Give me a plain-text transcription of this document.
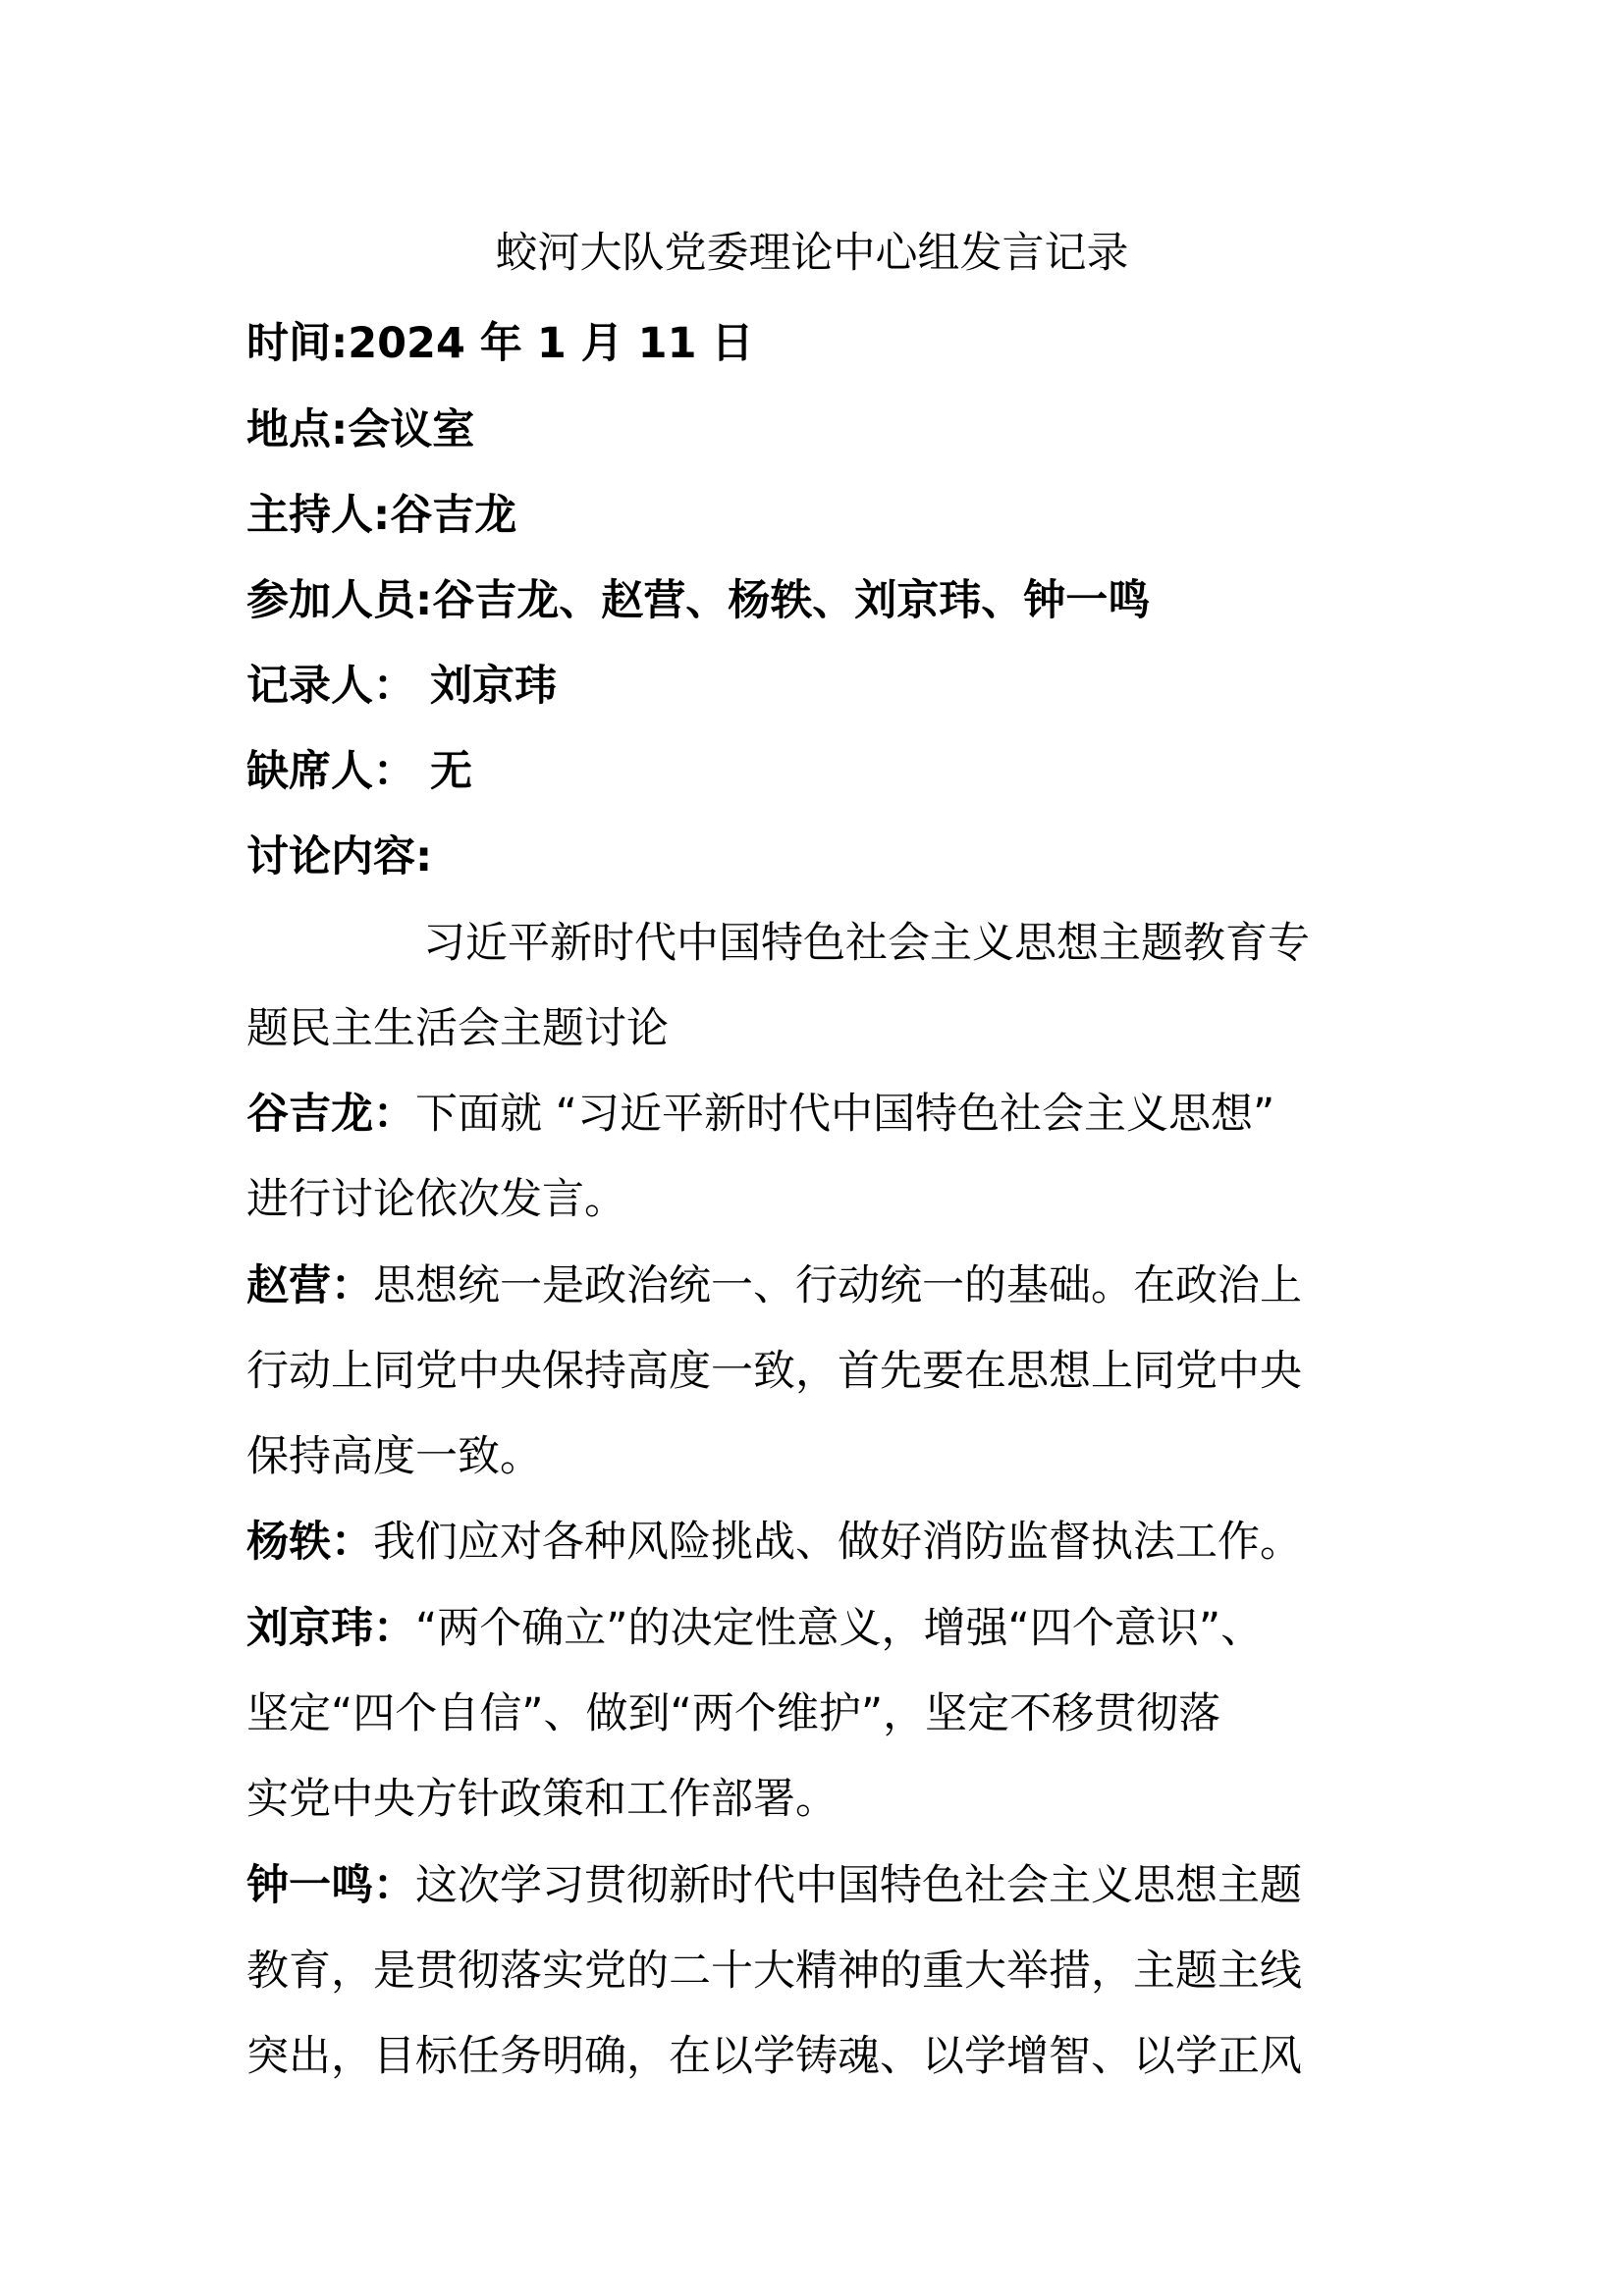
蛟河大队党委理论中心组发言记录
时间:2024 年 1 月 11 日
地点:会议室
主持人:谷吉龙
参加人员:谷吉龙、赵营、杨轶、刘京玮、钟一鸣
记录人： 刘京玮
缺席人： 无
讨论内容:
习近平新时代中国特色社会主义思想主题教育专
题民主生活会主题讨论
谷吉龙：下面就 “习近平新时代中国特色社会主义思想”
进行讨论依次发言。
赵营：思想统一是政治统一、行动统一的基础。在政治上
行动上同党中央保持高度一致，首先要在思想上同党中央
保持高度一致。
杨轶：我们应对各种风险挑战、做好消防监督执法工作。
刘京玮：“两个确立”的决定性意义，增强“四个意识”、
坚定“四个自信”、做到“两个维护”，坚定不移贯彻落
实党中央方针政策和工作部署。
钟一鸣：这次学习贯彻新时代中国特色社会主义思想主题
教育，是贯彻落实党的二十大精神的重大举措，主题主线
突出，目标任务明确，在以学铸魂、以学增智、以学正风
